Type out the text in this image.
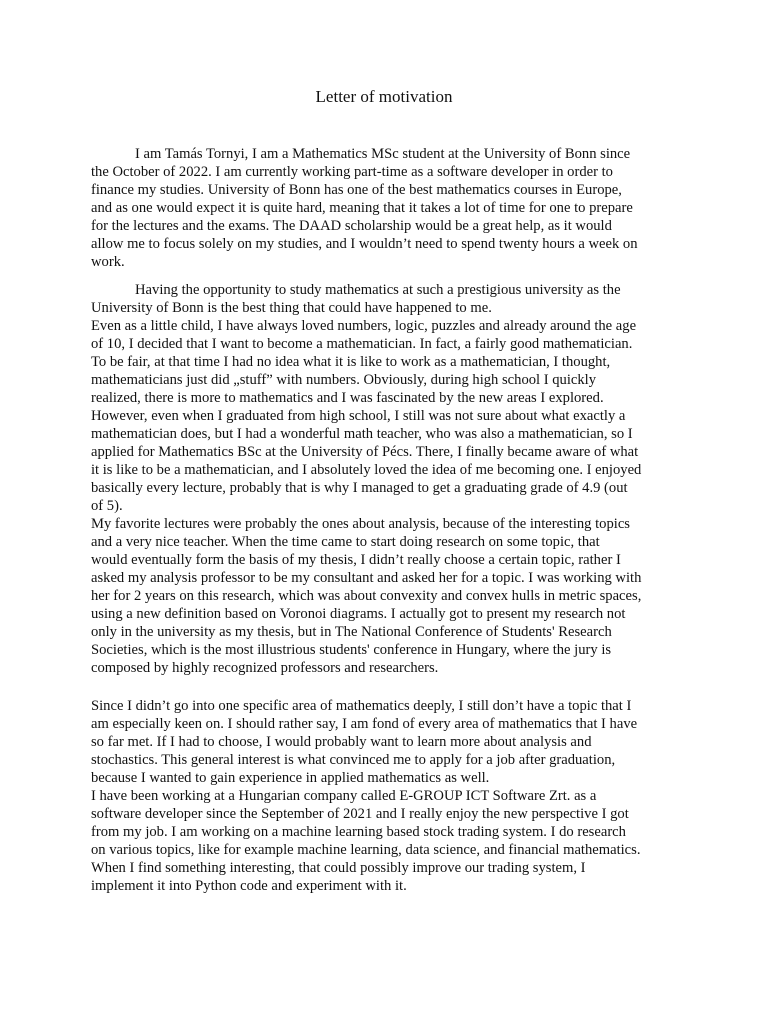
Letter of motivation

I am Tamás Tornyi, I am a Mathematics MSc student at the University of Bonn since

the October of 2022. I am currently working part-time as a software developer in order to

finance my studies. University of Bonn has one of the best mathematics courses in Europe,

and as one would expect it is quite hard, meaning that it takes a lot of time for one to prepare

for the lectures and the exams. The DAAD scholarship would be a great help, as it would

allow me to focus solely on my studies, and I wouldn’t need to spend twenty hours a week on

work.

Having the opportunity to study mathematics at such a prestigious university as the

University of Bonn is the best thing that could have happened to me.

Even as a little child, I have always loved numbers, logic, puzzles and already around the age

of 10, I decided that I want to become a mathematician. In fact, a fairly good mathematician.

To be fair, at that time I had no idea what it is like to work as a mathematician, I thought,

mathematicians just did „stuff” with numbers. Obviously, during high school I quickly

realized, there is more to mathematics and I was fascinated by the new areas I explored.

However, even when I graduated from high school, I still was not sure about what exactly a

mathematician does, but I had a wonderful math teacher, who was also a mathematician, so I

applied for Mathematics BSc at the University of Pécs. There, I finally became aware of what

it is like to be a mathematician, and I absolutely loved the idea of me becoming one. I enjoyed

basically every lecture, probably that is why I managed to get a graduating grade of 4.9 (out

of 5).

My favorite lectures were probably the ones about analysis, because of the interesting topics

and a very nice teacher. When the time came to start doing research on some topic, that

would eventually form the basis of my thesis, I didn’t really choose a certain topic, rather I

asked my analysis professor to be my consultant and asked her for a topic. I was working with

her for 2 years on this research, which was about convexity and convex hulls in metric spaces,

using a new definition based on Voronoi diagrams. I actually got to present my research not

only in the university as my thesis, but in The National Conference of Students' Research

Societies, which is the most illustrious students' conference in Hungary, where the jury is

composed by highly recognized professors and researchers.

Since I didn’t go into one specific area of mathematics deeply, I still don’t have a topic that I

am especially keen on. I should rather say, I am fond of every area of mathematics that I have

so far met. If I had to choose, I would probably want to learn more about analysis and

stochastics. This general interest is what convinced me to apply for a job after graduation,

because I wanted to gain experience in applied mathematics as well.

I have been working at a Hungarian company called E-GROUP ICT Software Zrt. as a

software developer since the September of 2021 and I really enjoy the new perspective I got

from my job. I am working on a machine learning based stock trading system. I do research

on various topics, like for example machine learning, data science, and financial mathematics.

When I find something interesting, that could possibly improve our trading system, I

implement it into Python code and experiment with it.
